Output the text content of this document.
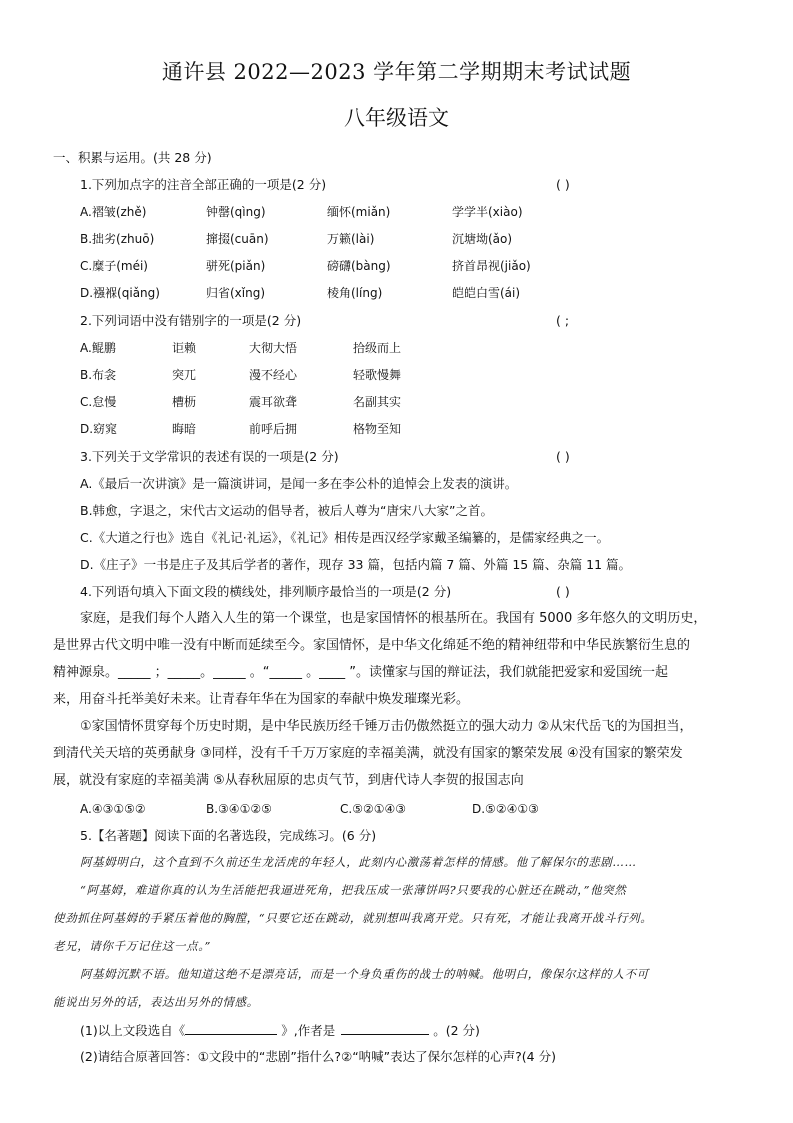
通许县 2022—2023 学年第二学期期末考试试题
八年级语文
一、积累与运用。(共 28 分)
1.下列加点字的注音全部正确的一项是(2 分)	( )
A.褶皱(zhě)	钟罄(qìng)	缅怀(miǎn)	学学半(xiào)
B.拙劣(zhuō)	撺掇(cuān)	万籁(lài)	沉塘坳(ǎo)
C.糜子(méi)	骈死(piǎn)	磅礴(bàng)	挤首昂视(jiǎo)
D.襁褓(qiǎng)	归省(xǐng)	棱角(líng)	皑皑白雪(ái)
2.下列词语中没有错别字的一项是(2 分)	( ;
A.鲲鹏	讵赖	大彻大悟	拾级而上
B.布衾	突兀	漫不经心	轻歌慢舞
C.怠慢	槽枥	震耳欲聋	名副其实
D.窈窕	晦暗	前呼后拥	格物至知
3.下列关于文学常识的表述有误的一项是(2 分)	( )
A.《最后一次讲演》是一篇演讲词，是闻一多在李公朴的追悼会上发表的演讲。
B.韩愈，字退之，宋代古文运动的倡导者，被后人尊为“唐宋八大家”之首。
C.《大道之行也》选自《礼记·礼运》，《礼记》相传是西汉经学家戴圣编纂的，是儒家经典之一。
D.《庄子》一书是庄子及其后学者的著作，现存 33 篇，包括内篇 7 篇、外篇 15 篇、杂篇 11 篇。
4.下列语句填入下面文段的横线处，排列顺序最恰当的一项是(2 分)	( )
家庭，是我们每个人踏入人生的第一个课堂，也是家国情怀的根基所在。我国有 5000 多年悠久的文明历史，
是世界古代文明中唯一没有中断而延续至今。家国情怀，是中华文化绵延不绝的精神纽带和中华民族繁衍生息的
精神源泉。_____ ；_____。_____ 。“_____ 。____ ”。读懂家与国的辩证法，我们就能把爱家和爱国统一起
来，用奋斗托举美好未来。让青春年华在为国家的奉献中焕发璀璨光彩。
①家国情怀贯穿每个历史时期，是中华民族历经千锤万击仍傲然挺立的强大动力 ②从宋代岳飞的为国担当，
到清代关天培的英勇献身 ③同样，没有千千万万家庭的幸福美满，就没有国家的繁荣发展 ④没有国家的繁荣发
展，就没有家庭的幸福美满 ⑤从春秋屈原的忠贞气节，到唐代诗人李贺的报国志向
A.④③①⑤②	B.③④①②⑤	C.⑤②①④③	D.⑤②④①③
5.【名著题】阅读下面的名著选段，完成练习。(6 分)
阿基姆明白，这个直到不久前还生龙活虎的年轻人，此刻内心激荡着怎样的情感。他了解保尔的悲剧……
“阿基姆，难道你真的认为生活能把我逼进死角，把我压成一张薄饼吗?只要我的心脏还在跳动，”他突然
使劲抓住阿基姆的手紧压着他的胸膛，“只要它还在跳动，就别想叫我离开党。只有死，才能让我离开战斗行列。
老兄，请你千万记住这一点。”
阿基姆沉默不语。他知道这绝不是漂亮话，而是一个身负重伤的战士的呐喊。他明白，像保尔这样的人不可
能说出另外的话，表达出另外的情感。
(1)以上文段选自《	》,作者是	。(2 分)
(2)请结合原著回答：①文段中的“悲剧”指什么?②“呐喊”表达了保尔怎样的心声?(4 分)
